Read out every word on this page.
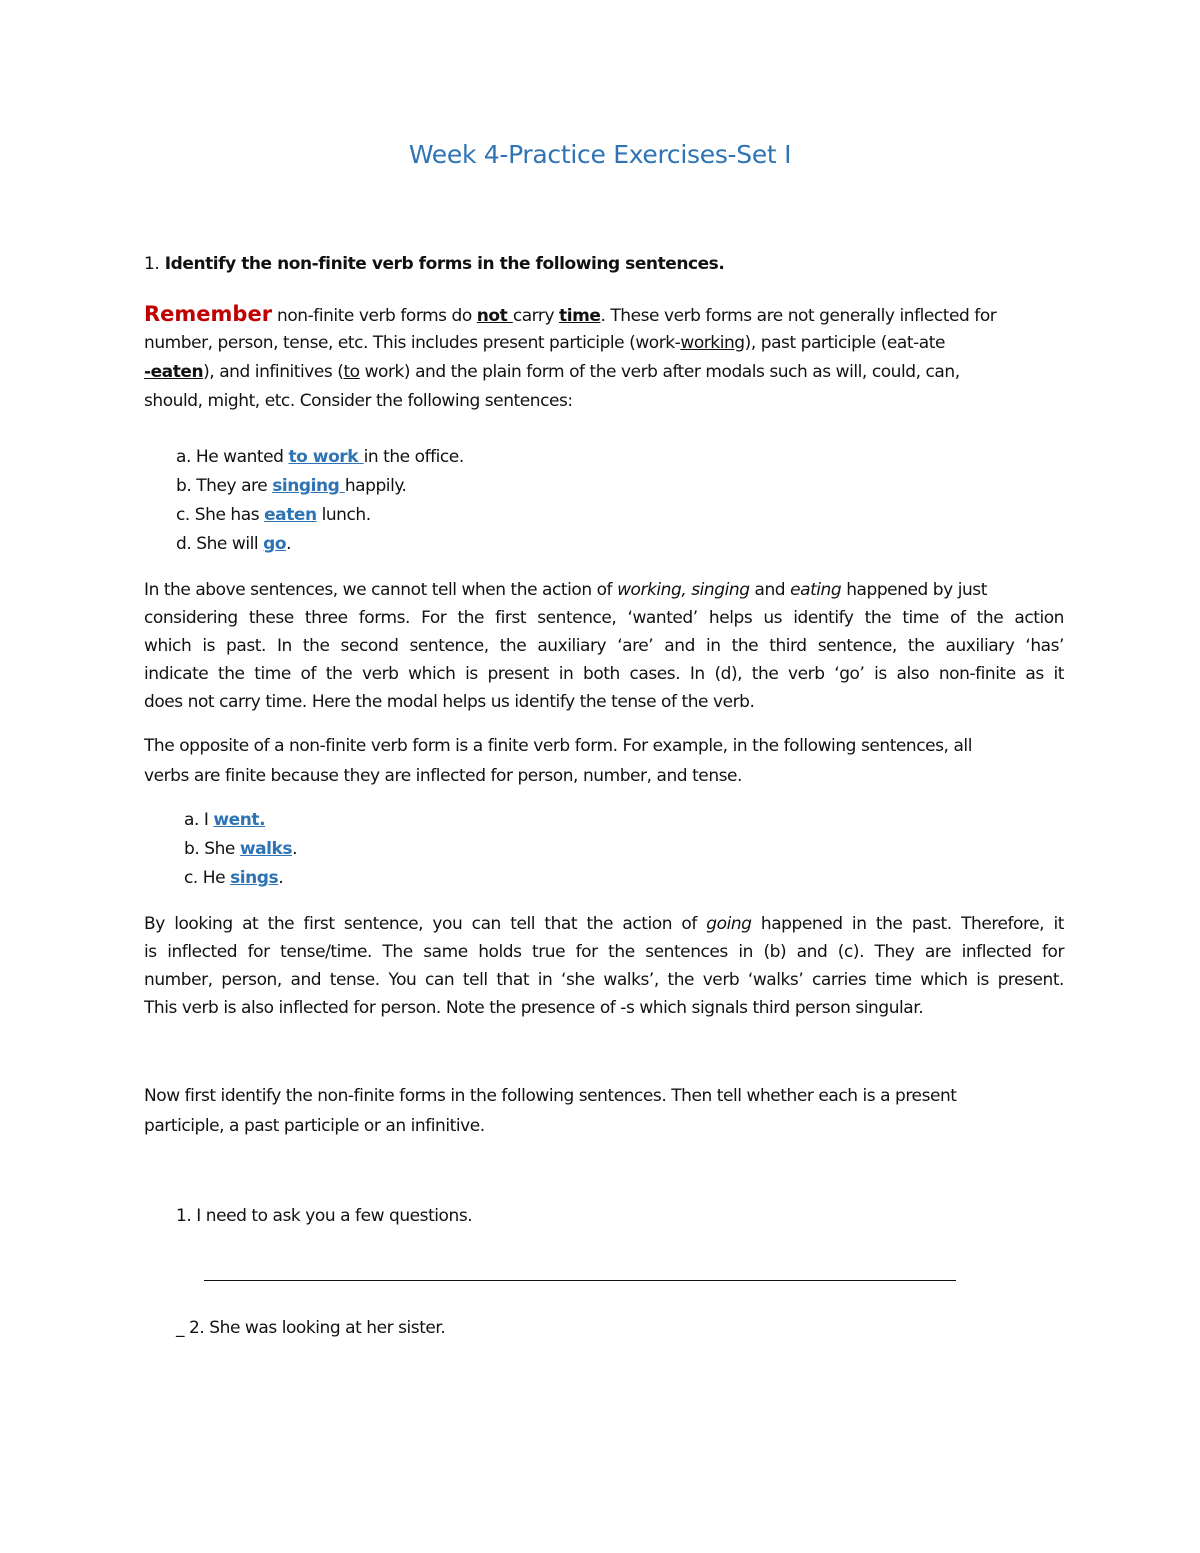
Week 4-Practice Exercises-Set I
1. Identify the non-finite verb forms in the following sentences.
Remember non-finite verb forms do not carry time. These verb forms are not generally inflected for
number, person, tense, etc. This includes present participle (work-working), past participle (eat-ate
-eaten), and infinitives (to work) and the plain form of the verb after modals such as will, could, can,
should, might, etc. Consider the following sentences:
a. He wanted to work in the office.
b. They are singing happily.
c. She has eaten lunch.
d. She will go.
In the above sentences, we cannot tell when the action of working, singing and eating happened by just
considering these three forms. For the first sentence, ‘wanted’ helps us identify the time of the action
which is past. In the second sentence, the auxiliary ‘are’ and in the third sentence, the auxiliary ‘has’
indicate the time of the verb which is present in both cases. In (d), the verb ‘go’ is also non-finite as it
does not carry time. Here the modal helps us identify the tense of the verb.
The opposite of a non-finite verb form is a finite verb form. For example, in the following sentences, all
verbs are finite because they are inflected for person, number, and tense.
a. I went.
b. She walks.
c. He sings.
By looking at the first sentence, you can tell that the action of going happened in the past. Therefore, it
is inflected for tense/time. The same holds true for the sentences in (b) and (c). They are inflected for
number, person, and tense. You can tell that in ‘she walks’, the verb ‘walks’ carries time which is present.
This verb is also inflected for person. Note the presence of -s which signals third person singular.
Now first identify the non-finite forms in the following sentences. Then tell whether each is a present
participle, a past participle or an infinitive.
1. I need to ask you a few questions.
_ 2. She was looking at her sister.
